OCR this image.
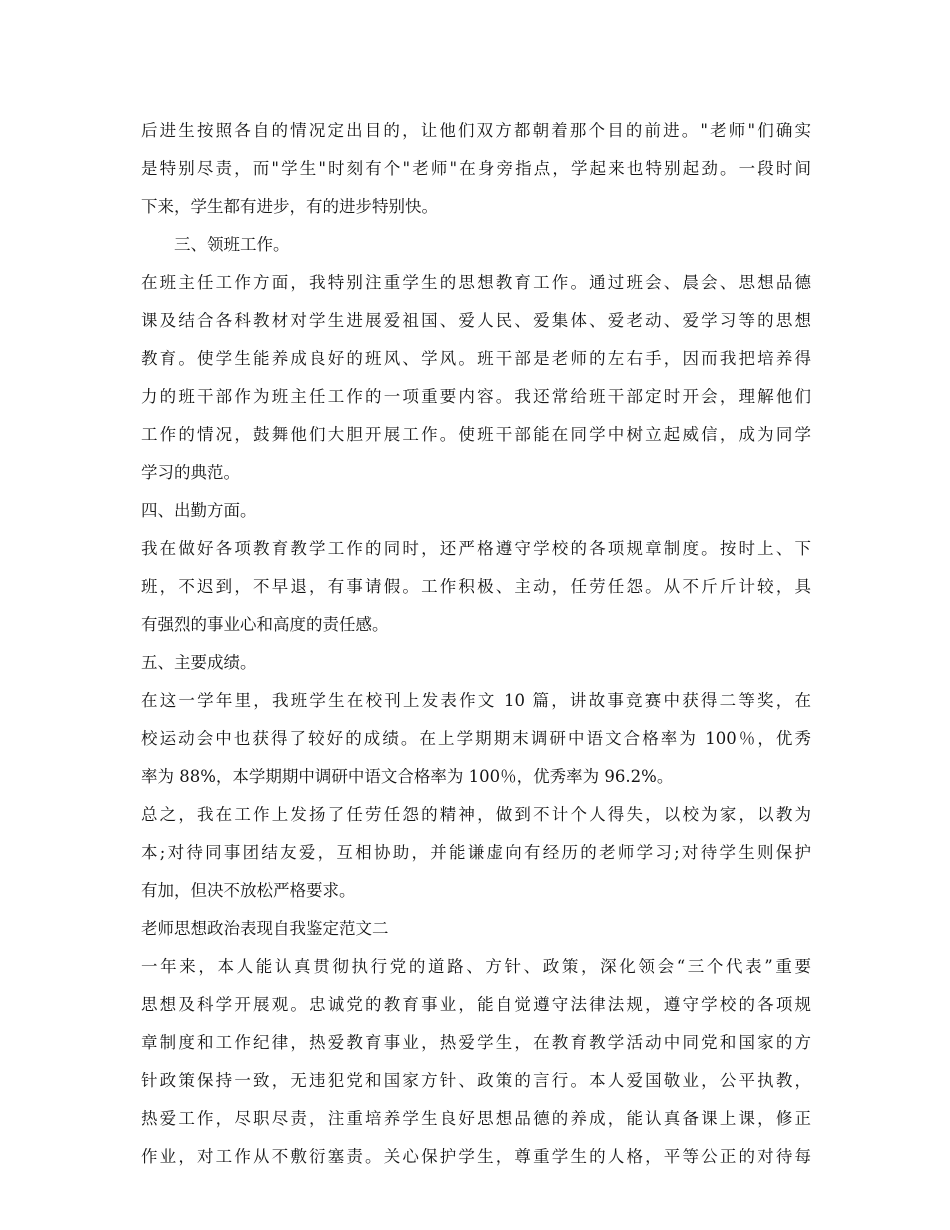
后进生按照各自的情况定出目的，让他们双方都朝着那个目的前进。"老师"们确实
是特别尽责，而"学生"时刻有个"老师"在身旁指点，学起来也特别起劲。一段时间
下来，学生都有进步，有的进步特别快。
三、领班工作。
在班主任工作方面，我特别注重学生的思想教育工作。通过班会、晨会、思想品德
课及结合各科教材对学生进展爱祖国、爱人民、爱集体、爱老动、爱学习等的思想
教育。使学生能养成良好的班风、学风。班干部是老师的左右手，因而我把培养得
力的班干部作为班主任工作的一项重要内容。我还常给班干部定时开会，理解他们
工作的情况，鼓舞他们大胆开展工作。使班干部能在同学中树立起威信，成为同学
学习的典范。
四、出勤方面。
我在做好各项教育教学工作的同时，还严格遵守学校的各项规章制度。按时上、下
班，不迟到，不早退，有事请假。工作积极、主动，任劳任怨。从不斤斤计较，具
有强烈的事业心和高度的责任感。
五、主要成绩。
在这一学年里，我班学生在校刊上发表作文 10 篇，讲故事竞赛中获得二等奖，在
校运动会中也获得了较好的成绩。在上学期期末调研中语文合格率为 100％，优秀
率为 88%，本学期期中调研中语文合格率为 100％，优秀率为 96.2%。
总之，我在工作上发扬了任劳任怨的精神，做到不计个人得失，以校为家，以教为
本;对待同事团结友爱，互相协助，并能谦虚向有经历的老师学习;对待学生则保护
有加，但决不放松严格要求。
老师思想政治表现自我鉴定范文二
一年来，本人能认真贯彻执行党的道路、方针、政策，深化领会“三个代表”重要
思想及科学开展观。忠诚党的教育事业，能自觉遵守法律法规，遵守学校的各项规
章制度和工作纪律，热爱教育事业，热爱学生，在教育教学活动中同党和国家的方
针政策保持一致，无违犯党和国家方针、政策的言行。本人爱国敬业，公平执教，
热爱工作，尽职尽责，注重培养学生良好思想品德的养成，能认真备课上课，修正
作业，对工作从不敷衍塞责。关心保护学生，尊重学生的人格，平等公正的对待每
